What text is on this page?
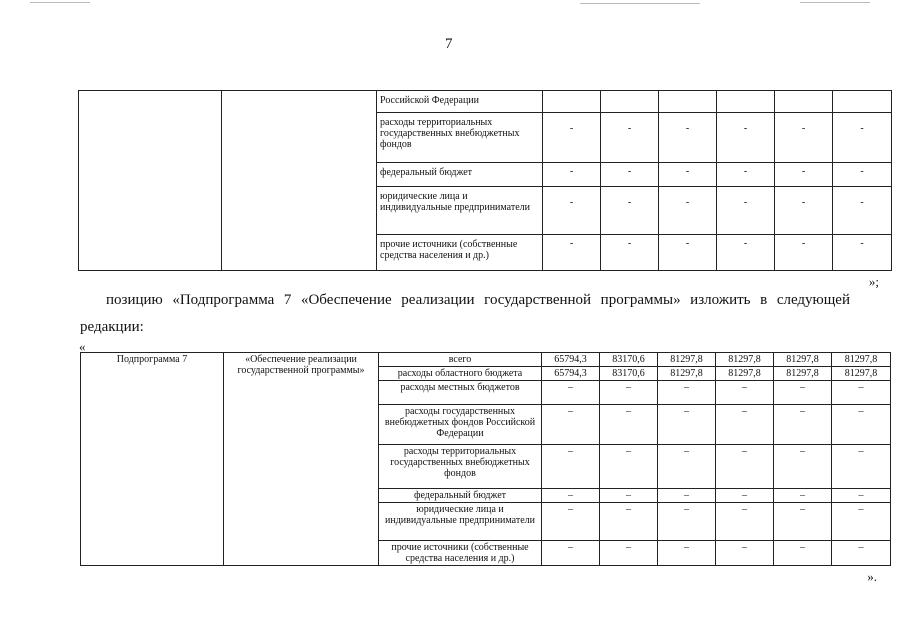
7
		Российской Федерации						
		расходы территориальных государственных внебюджетных фондов	-	-	-	-	-	-
		федеральный бюджет	-	-	-	-	-	-
		юридические лица и индивидуальные предприниматели	-	-	-	-	-	-
		прочие источники (собственные средства населения и др.)	-	-	-	-	-	-
»;
позицию «Подпрограмма 7 «Обеспечение реализации государственной программы» изложить в следующей редакции:
«
Подпрограмма 7	«Обеспечение реализации государственной программы»	всего	65794,3	83170,6	81297,8	81297,8	81297,8	81297,8
		расходы областного бюджета	65794,3	83170,6	81297,8	81297,8	81297,8	81297,8
		расходы местных бюджетов	–	–	–	–	–	–
		расходы государственных внебюджетных фондов Российской Федерации	–	–	–	–	–	–
		расходы территориальных государственных внебюджетных фондов	–	–	–	–	–	–
		федеральный бюджет	–	–	–	–	–	–
		юридические лица и индивидуальные предприниматели	–	–	–	–	–	–
		прочие источники (собственные средства населения и др.)	–	–	–	–	–	–
».
